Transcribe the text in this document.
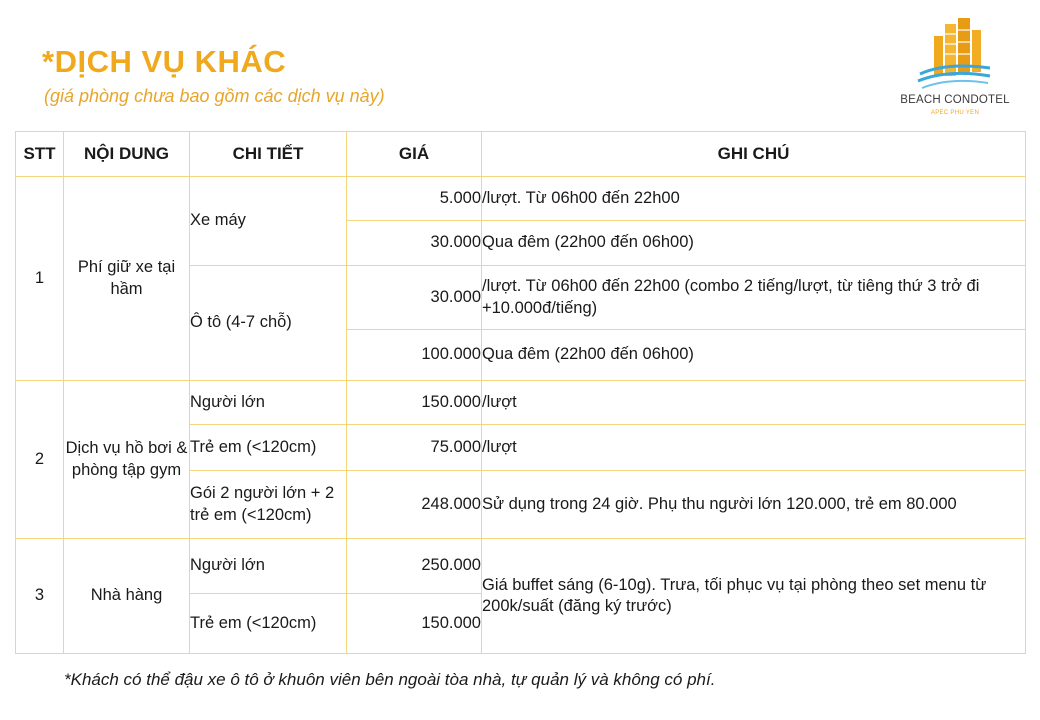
*DỊCH VỤ KHÁC
(giá phòng chưa bao gồm các dịch vụ này)	BEACH CONDOTEL
APEC PHU YEN
STT	NỘI DUNG	CHI TIẾT	GIÁ	GHI CHÚ
1	Phí giữ xe tại hầm	Xe máy	5.000	/lượt. Từ 06h00 đến 22h00
			30.000	Qua đêm (22h00 đến 06h00)
		Ô tô (4-7 chỗ)	30.000	/lượt. Từ 06h00 đến 22h00 (combo 2 tiếng/lượt, từ tiêng thứ 3 trở đi +10.000đ/tiếng)
			100.000	Qua đêm (22h00 đến 06h00)
2	Dịch vụ hồ bơi & phòng tập gym	Người lớn	150.000	/lượt
		Trẻ em (<120cm)	75.000	/lượt
		Gói 2 người lớn + 2 trẻ em (<120cm)	248.000	Sử dụng trong 24 giờ. Phụ thu người lớn 120.000, trẻ em 80.000
3	Nhà hàng	Người lớn	250.000	Giá buffet sáng (6-10g). Trưa, tối phục vụ tại phòng theo set menu từ 200k/suất (đăng ký trước)
		Trẻ em (<120cm)	150.000	
*Khách có thể đậu xe ô tô ở khuôn viên bên ngoài tòa nhà, tự quản lý và không có phí.
